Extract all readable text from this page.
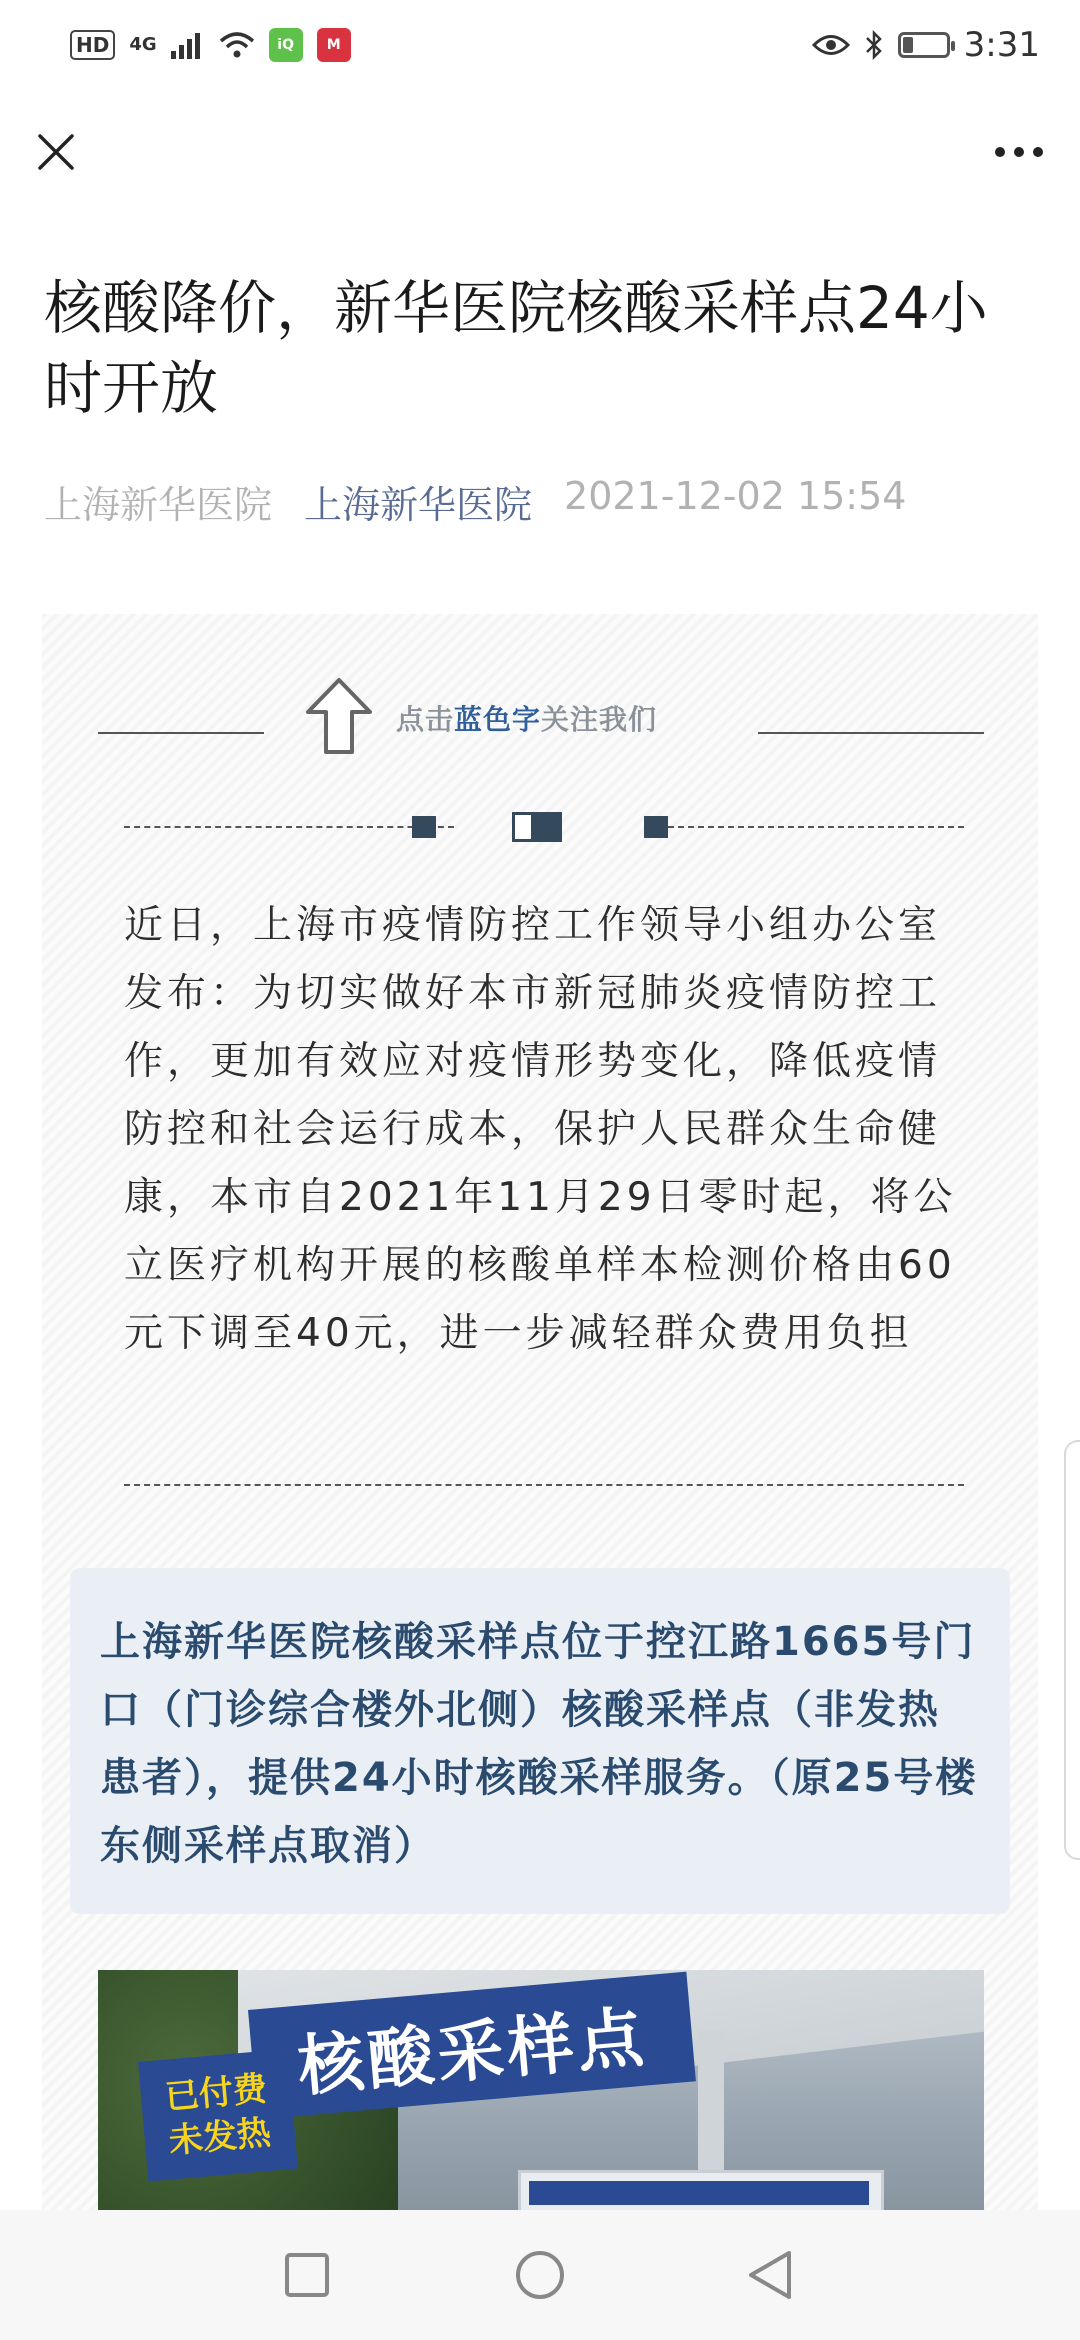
HD	4G	iQ	M	3:31
核酸降价，新华医院核酸采样点24小时开放
上海新华医院 上海新华医院 2021-12-02 15:54
点击蓝色字关注我们

近日，上海市疫情防控工作领导小组办公室发布：为切实做好本市新冠肺炎疫情防控工作，更加有效应对疫情形势变化，降低疫情防控和社会运行成本，保护人民群众生命健康，本市自2021年11月29日零时起，将公立医疗机构开展的核酸单样本检测价格由60元下调至40元，进一步减轻群众费用负担

上海新华医院核酸采样点位于控江路1665号门口（门诊综合楼外北侧）核酸采样点（非发热患者），提供24小时核酸采样服务。（原25号楼东侧采样点取消）

核酸采样点
已付费
未发热
